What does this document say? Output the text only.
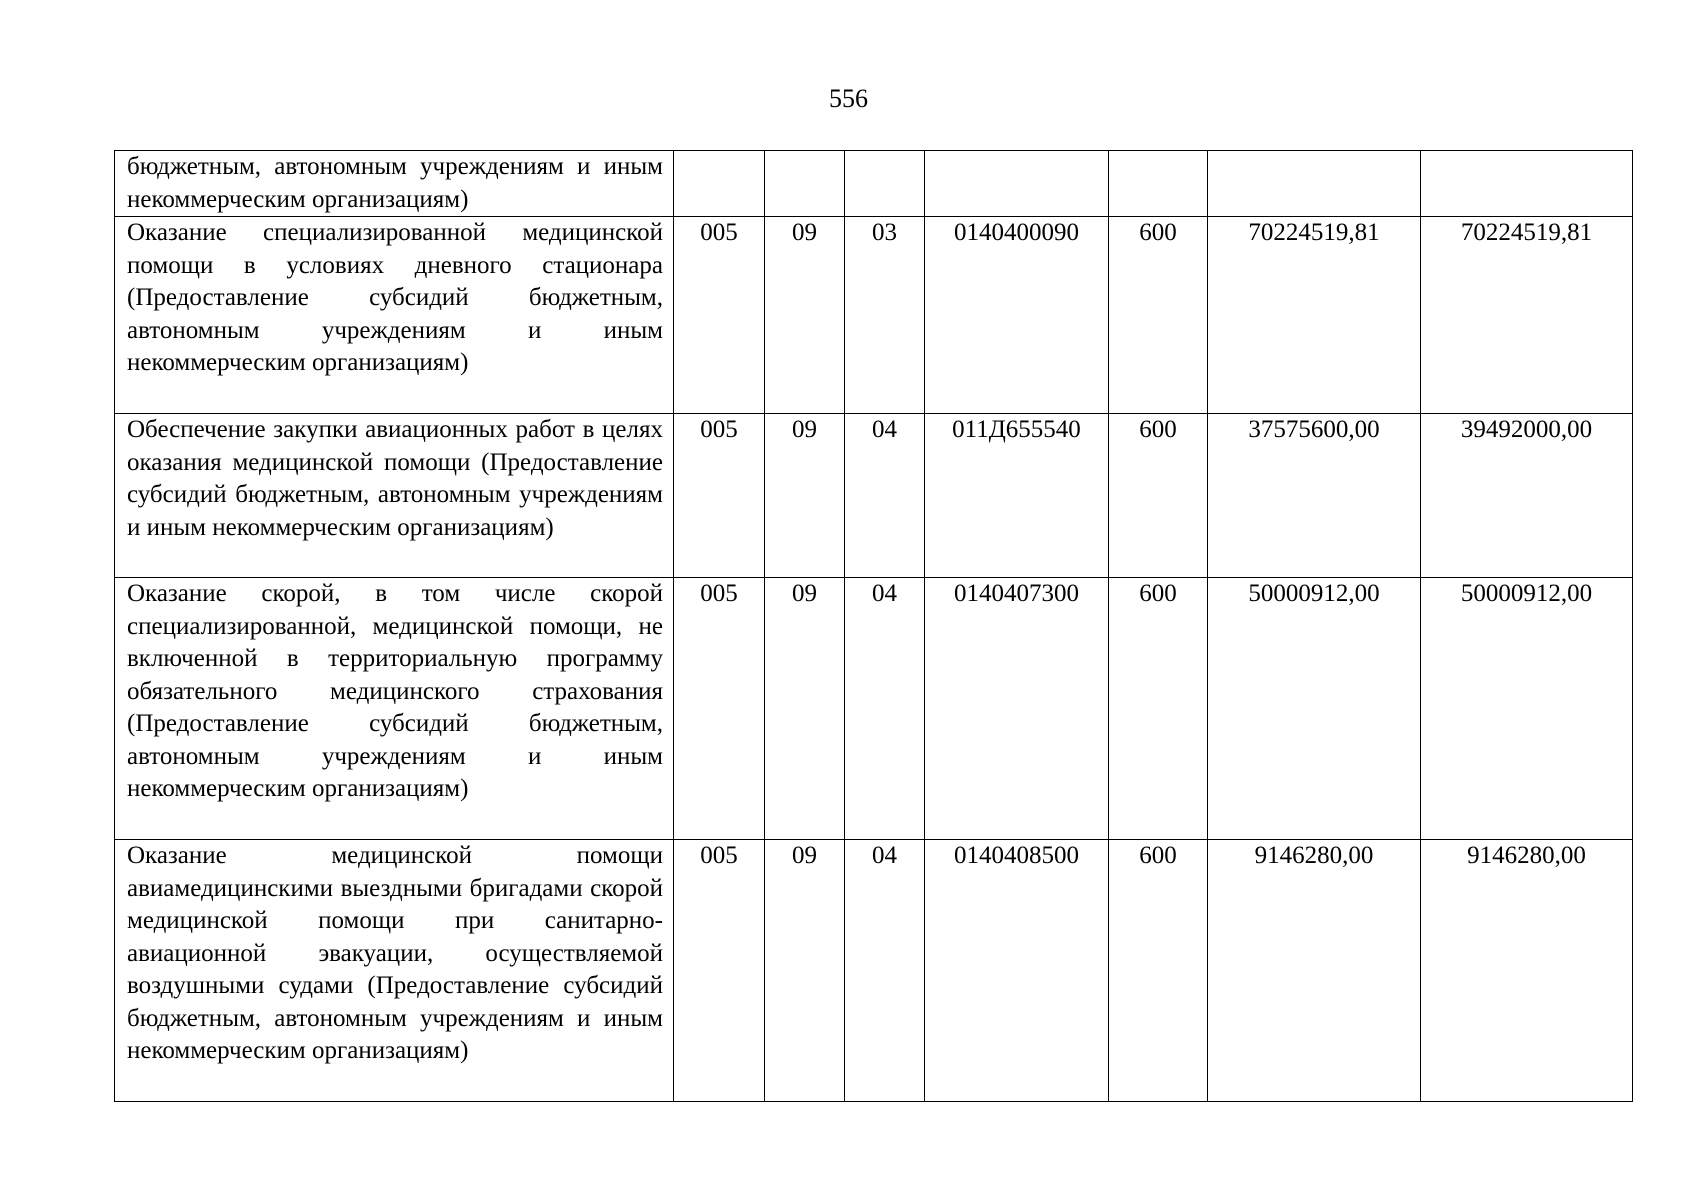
556
бюджетным, автономным учреждениям и иным некоммерческим организациям)							
Оказание специализированной медицинской помощи в условиях дневного стационара (Предоставление субсидий бюджетным, автономным учреждениям и иным некоммерческим организациям)	005	09	03	0140400090	600	70224519,81	70224519,81
Обеспечение закупки авиационных работ в целях оказания медицинской помощи (Предоставление субсидий бюджетным, автономным учреждениям и иным некоммерческим организациям)	005	09	04	011Д655540	600	37575600,00	39492000,00
Оказание скорой, в том числе скорой специализированной, медицинской помощи, не включенной в территориальную программу обязательного медицинского страхования (Предоставление субсидий бюджетным, автономным учреждениям и иным некоммерческим организациям)	005	09	04	0140407300	600	50000912,00	50000912,00
Оказание медицинской помощи авиамедицинскими выездными бригадами скорой медицинской помощи при санитарно-авиационной эвакуации, осуществляемой воздушными судами (Предоставление субсидий бюджетным, автономным учреждениям и иным некоммерческим организациям)	005	09	04	0140408500	600	9146280,00	9146280,00
